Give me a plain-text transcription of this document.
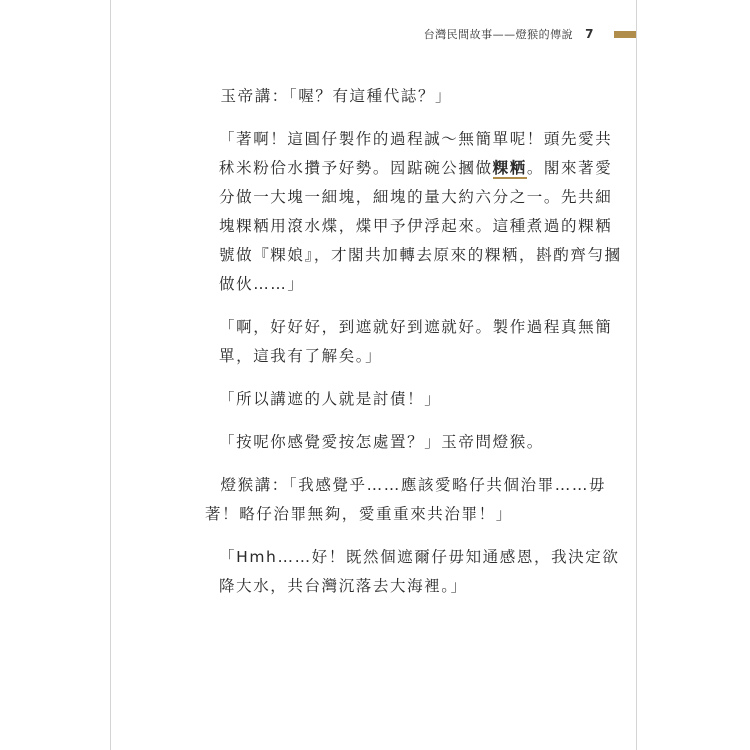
台灣民間故事——燈猴的傳說 7

玉帝講：「喔？有這種代誌？」

「著啊！這圓仔製作的過程誠～無簡單呢！頭先愛共秫米粉佮水攢予好勢。囥踮碗公摑做粿粞。閣來著愛分做一大塊一細塊，細塊的量大約六分之一。先共細塊粿粞用滾水煠，煠甲予伊浮起來。這種煮過的粿粞號做『粿娘』，才閣共加轉去原來的粿粞，斟酌齊勻摑做伙……」

「啊，好好好，到遮就好到遮就好。製作過程真無簡單，這我有了解矣。」

「所以講遮的人就是討債！」

「按呢你感覺愛按怎處置？」玉帝問燈猴。

燈猴講：「我感覺乎……應該愛略仔共個治罪……毋著！略仔治罪無夠，愛重重來共治罪！」

「Hmh……好！既然個遮爾仔毋知通感恩，我決定欲降大水，共台灣沉落去大海裡。」
